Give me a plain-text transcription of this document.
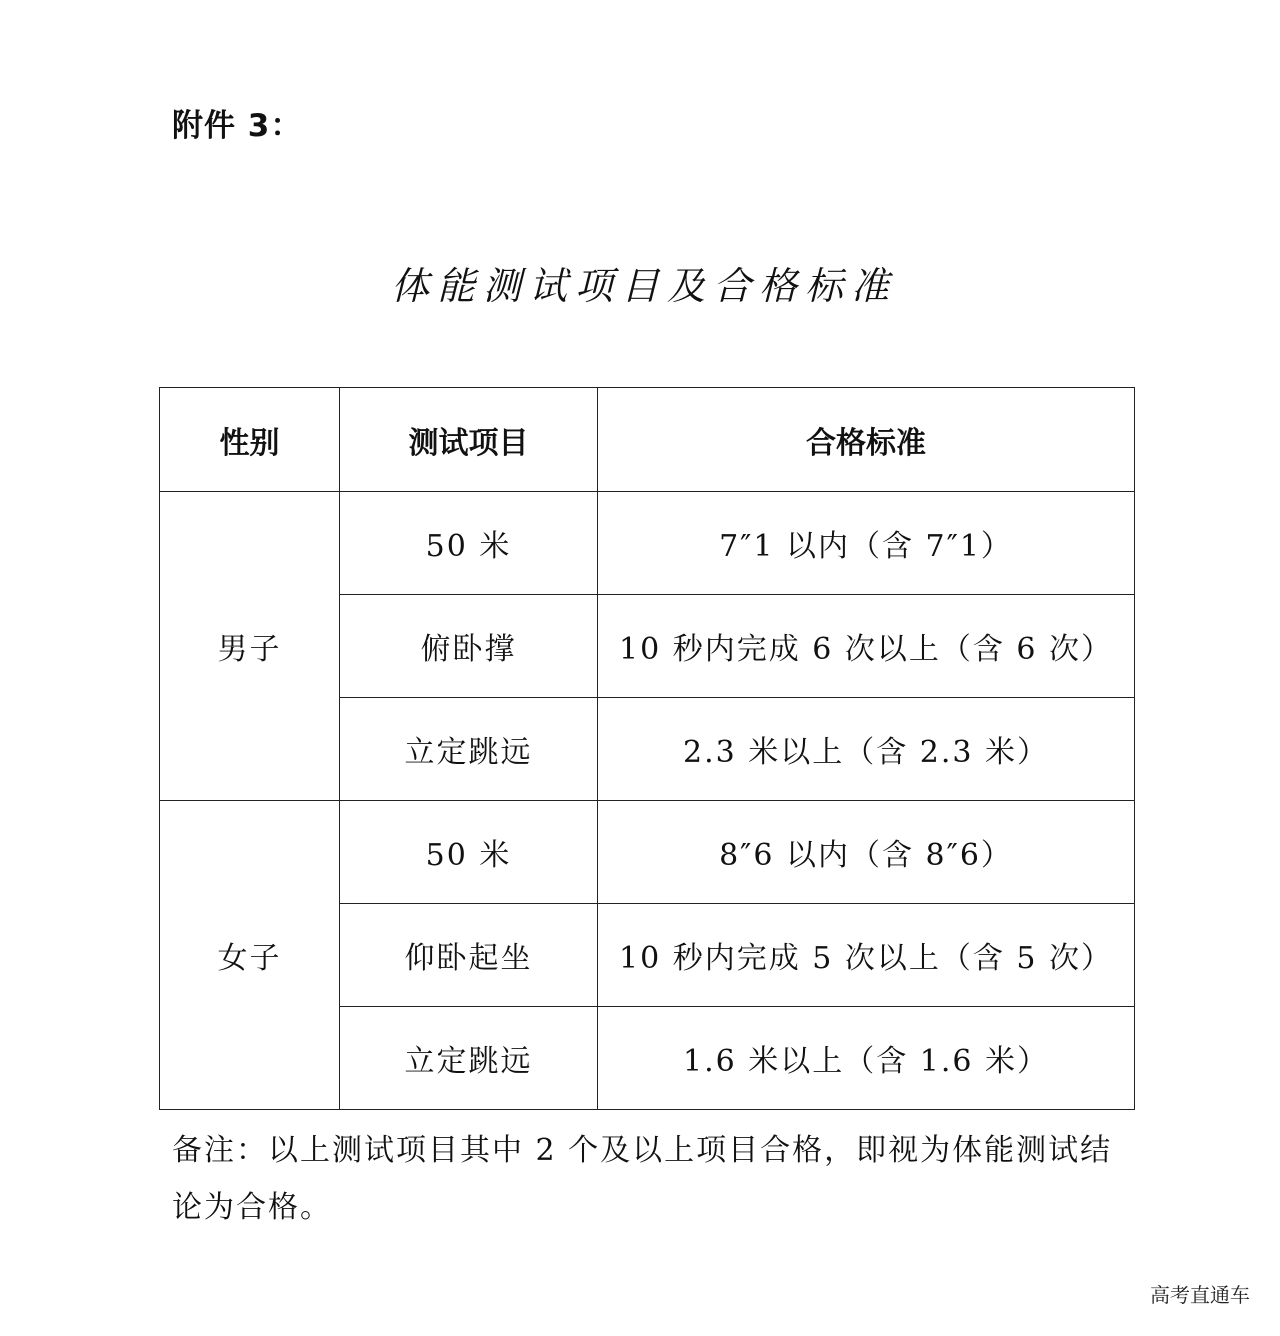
附件 3：
体能测试项目及合格标准
性别	测试项目	合格标准
男子	50 米	7″1 以内（含 7″1）
	俯卧撑	10 秒内完成 6 次以上（含 6 次）
	立定跳远	2.3 米以上（含 2.3 米）
女子	50 米	8″6 以内（含 8″6）
	仰卧起坐	10 秒内完成 5 次以上（含 5 次）
	立定跳远	1.6 米以上（含 1.6 米）
备注：以上测试项目其中 2 个及以上项目合格，即视为体能测试结论为合格。
高考直通车
